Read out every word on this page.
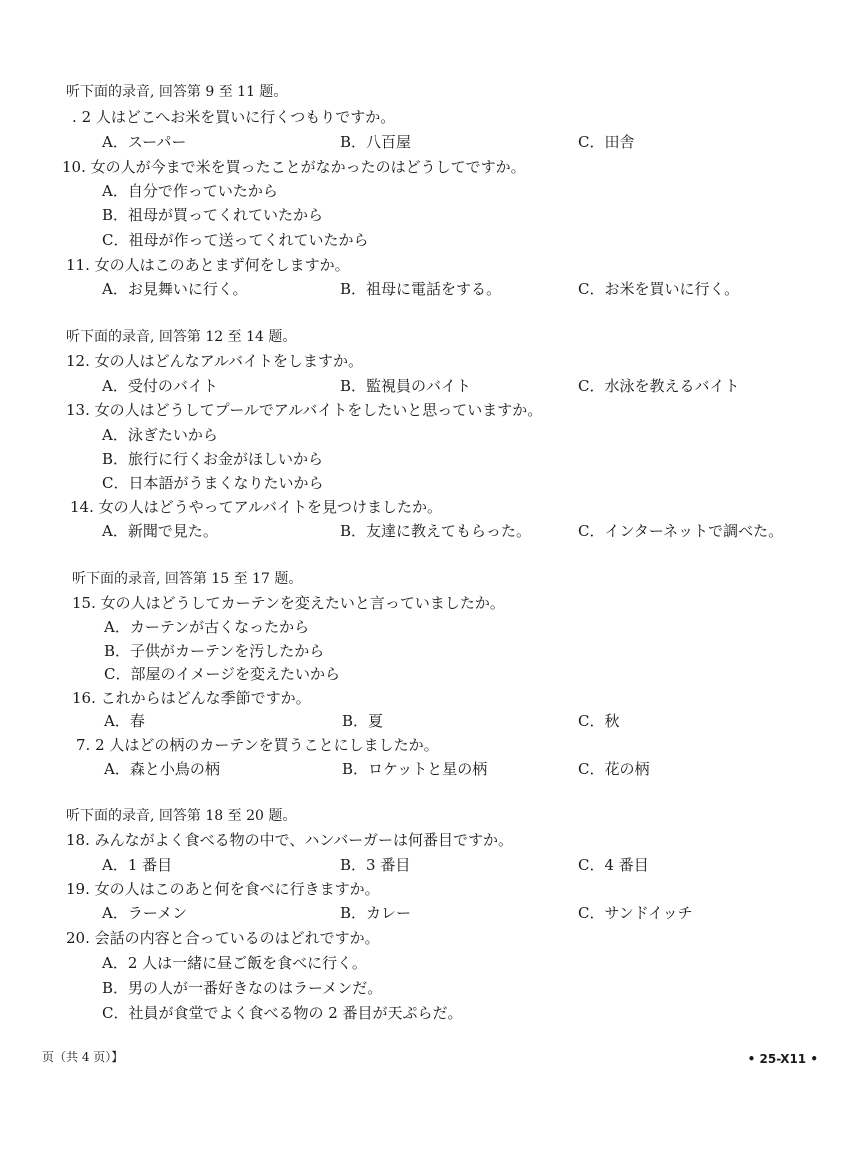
听下面的录音, 回答第 9 至 11 题。
. 2 人はどこへお米を買いに行くつもりですか。
A．スーパー	B．八百屋	C．田舎
10. 女の人が今まで米を買ったことがなかったのはどうしてですか。
A．自分で作っていたから
B．祖母が買ってくれていたから
C．祖母が作って送ってくれていたから
11. 女の人はこのあとまず何をしますか。
A．お見舞いに行く。	B．祖母に電話をする。	C．お米を買いに行く。
听下面的录音, 回答第 12 至 14 题。
12. 女の人はどんなアルバイトをしますか。
A．受付のバイト	B．監視員のバイト	C．水泳を教えるバイト
13. 女の人はどうしてプールでアルバイトをしたいと思っていますか。
A．泳ぎたいから
B．旅行に行くお金がほしいから
C．日本語がうまくなりたいから
14. 女の人はどうやってアルバイトを見つけましたか。
A．新聞で見た。	B．友達に教えてもらった。	C．インターネットで調べた。
听下面的录音, 回答第 15 至 17 题。
15. 女の人はどうしてカーテンを変えたいと言っていましたか。
A．カーテンが古くなったから
B．子供がカーテンを汚したから
C．部屋のイメージを変えたいから
16. これからはどんな季節ですか。
A．春	B．夏	C．秋
7. 2 人はどの柄のカーテンを買うことにしましたか。
A．森と小鳥の柄	B．ロケットと星の柄	C．花の柄
听下面的录音, 回答第 18 至 20 题。
18. みんながよく食べる物の中で、ハンバーガーは何番目ですか。
A．1 番目	B．3 番目	C．4 番目
19. 女の人はこのあと何を食べに行きますか。
A．ラーメン	B．カレー	C．サンドイッチ
20. 会話の内容と合っているのはどれですか。
A．2 人は一緒に昼ご飯を食べに行く。
B．男の人が一番好きなのはラーメンだ。
C．社員が食堂でよく食べる物の 2 番目が天ぷらだ。
页（共 4 页）】	• 25-X11 •
